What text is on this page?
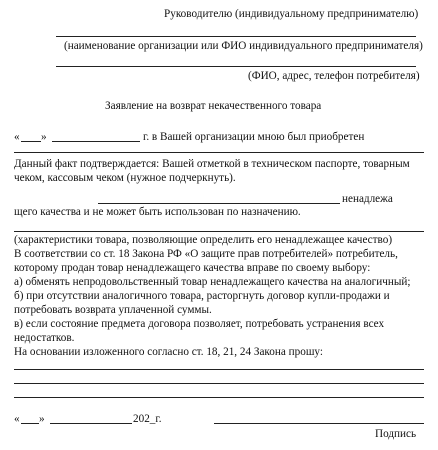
Руководителю (индивидуальному предпринимателю)
(наименование организации или ФИО индивидуального предпринимателя)
(ФИО, адрес, телефон потребителя)
Заявление на возврат некачественного товара
« »	г. в Вашей организации мною был приобретен
Данный факт подтверждается: Вашей отметкой в техническом паспорте, товарным
чеком, кассовым чеком (нужное подчеркнуть).
ненадлежа
щего качества и не может быть использован по назначению.
(характеристики товара, позволяющие определить его ненадлежащее качество)
В соответствии со ст. 18 Закона РФ «О защите прав потребителей» потребитель,
которому продан товар ненадлежащего качества вправе по своему выбору:
а) обменять непродовольственный товар ненадлежащего качества на аналогичный;
б) при отсутствии аналогичного товара, расторгнуть договор купли-продажи и
потребовать возврата уплаченной суммы.
в) если состояние предмета договора позволяет, потребовать устранения всех
недостатков.
На основании изложенного согласно ст. 18, 21, 24 Закона прошу:
« »	202_г.
Подпись
